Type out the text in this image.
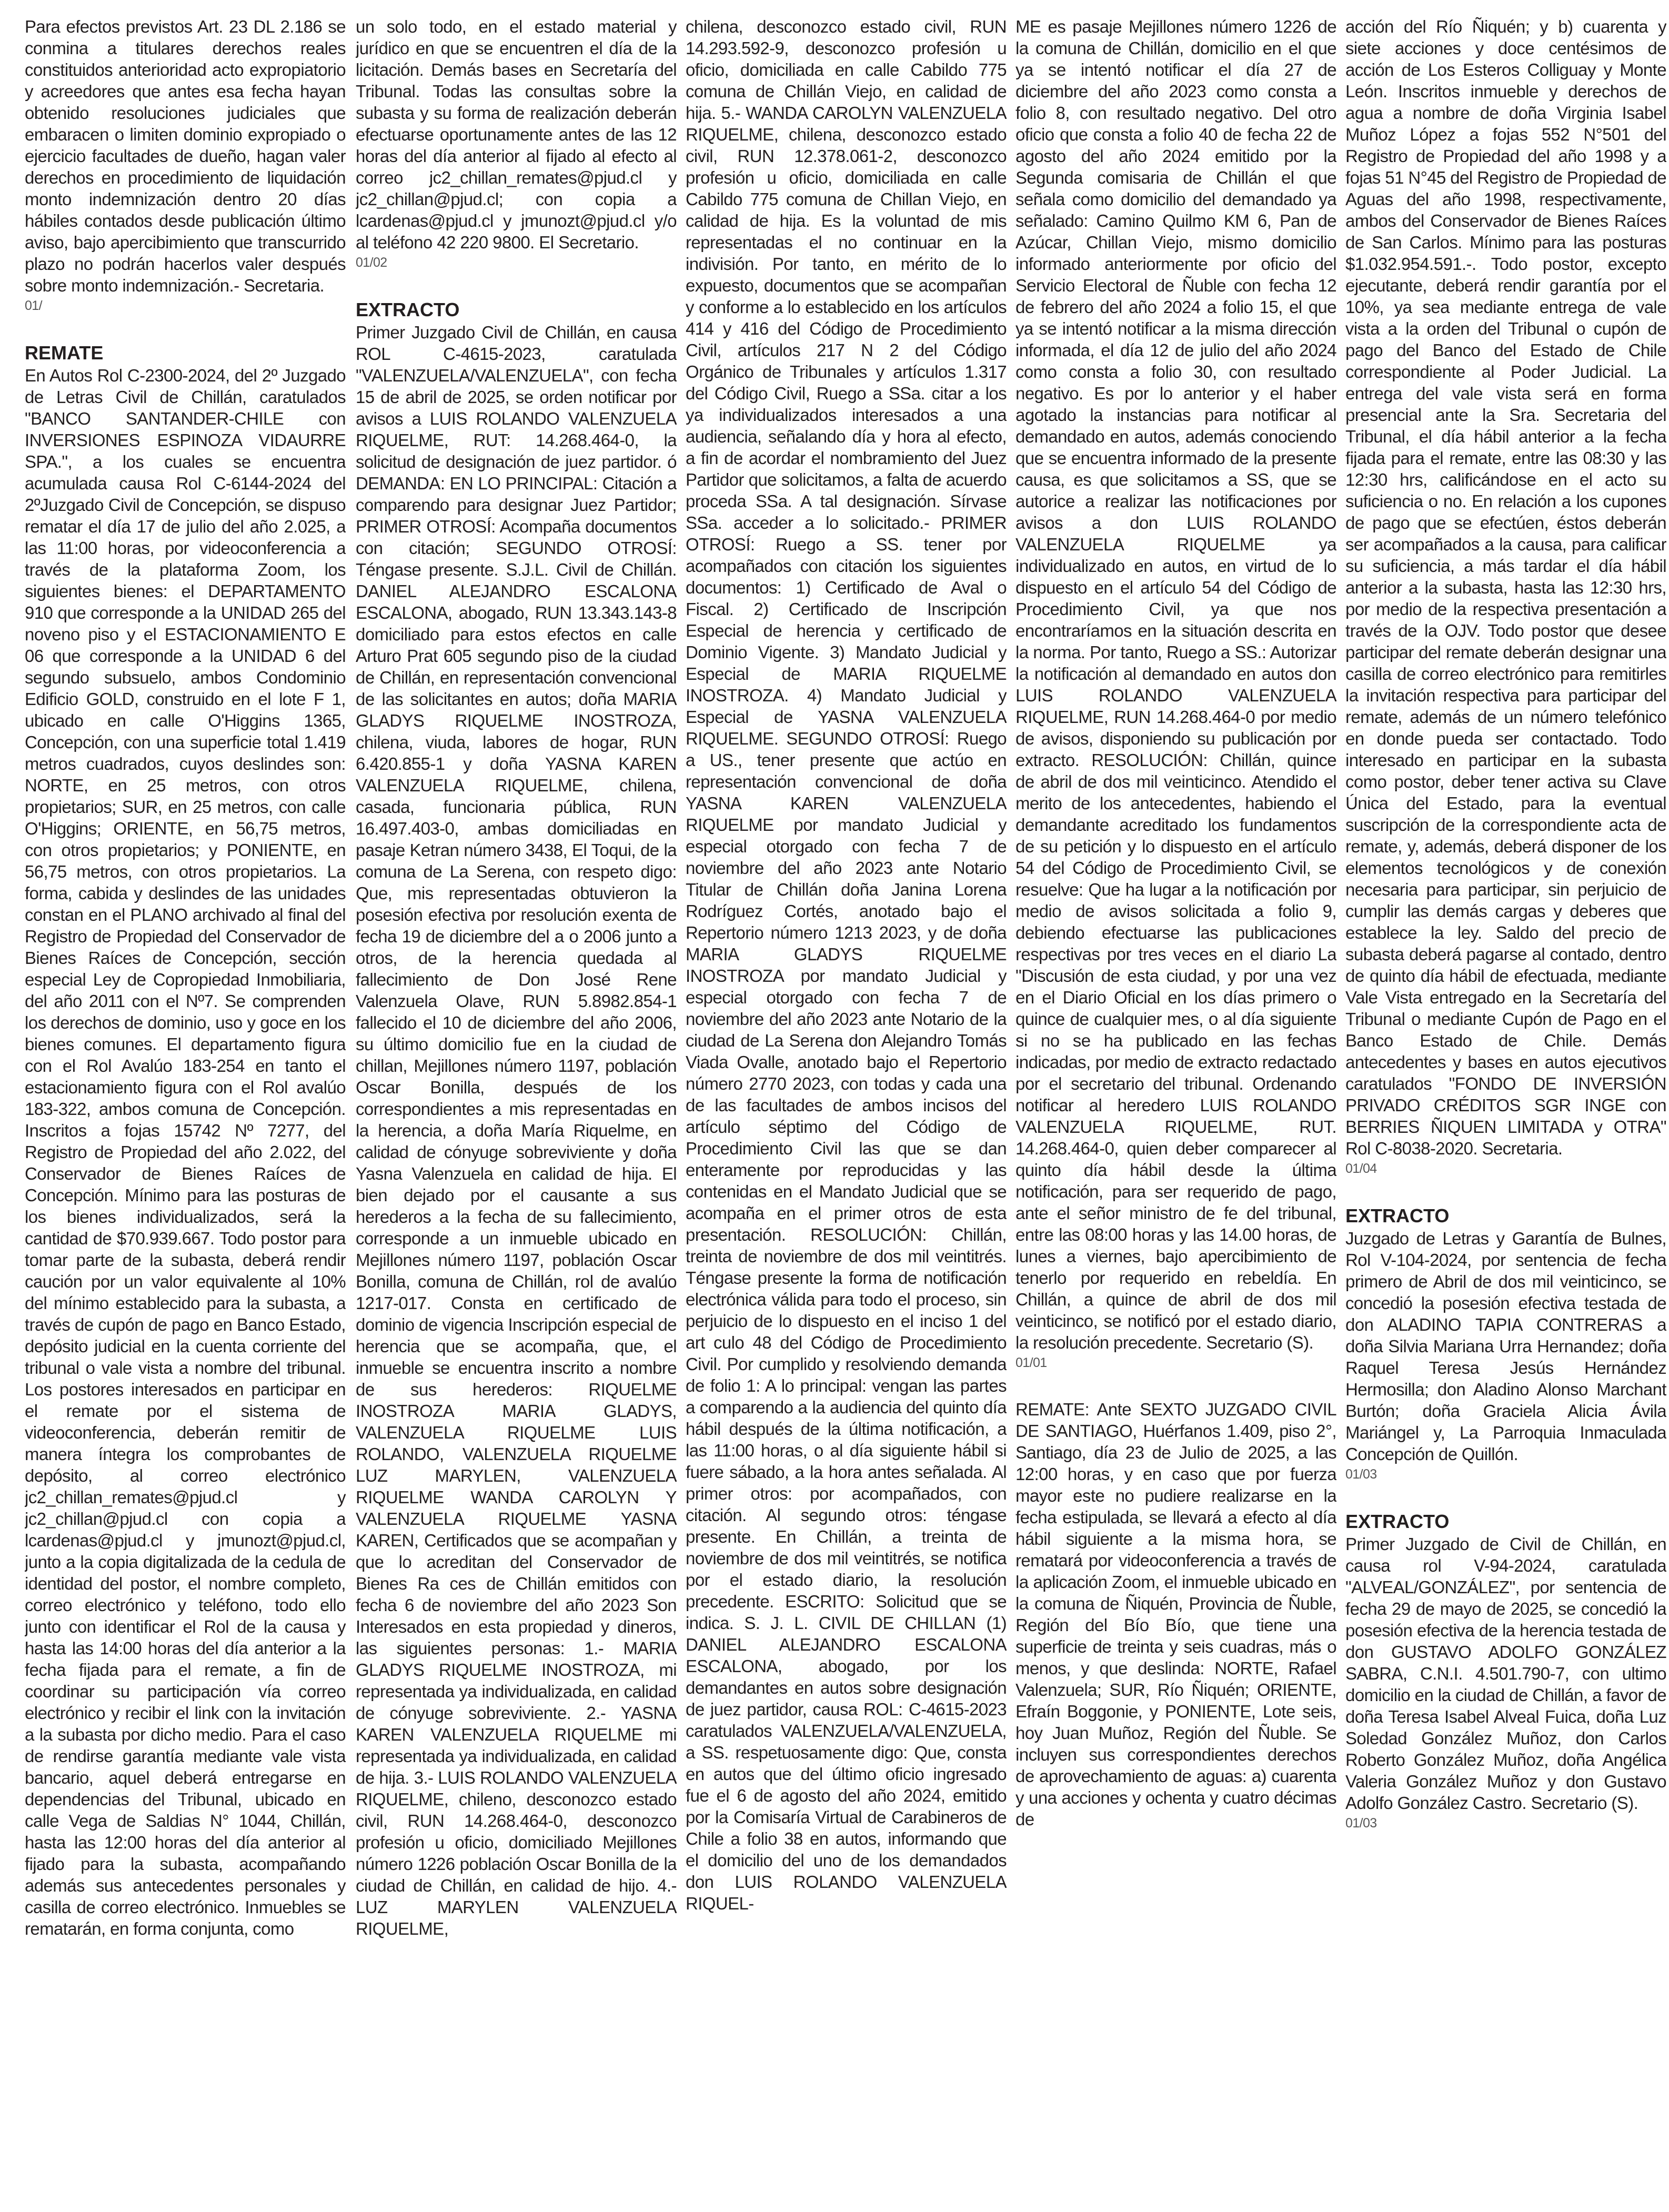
Para efectos previstos Art. 23 DL 2.186 se conmina a titulares derechos reales constituidos anterioridad acto expropiatorio y acreedores que antes esa fecha hayan obtenido resoluciones judiciales que embaracen o limiten dominio expropiado o ejercicio facultades de dueño, hagan valer derechos en procedimiento de liquidación monto indemnización dentro 20 días hábiles contados desde publicación último aviso, bajo apercibimiento que transcurrido plazo no podrán hacerlos valer después sobre monto indemnización.- Secretaria.

01/
REMATE

En Autos Rol C-2300-2024, del 2º Juzgado de Letras Civil de Chillán, caratulados "BANCO SANTANDER-CHILE con INVERSIONES ESPINOZA VIDAURRE SPA.", a los cuales se encuentra acumulada causa Rol C-6144-2024 del 2ºJuzgado Civil de Concepción, se dispuso rematar el día 17 de julio del año 2.025, a las 11:00 horas, por videoconferencia a través de la plataforma Zoom, los siguientes bienes: el DEPARTAMENTO 910 que corresponde a la UNIDAD 265 del noveno piso y el ESTACIONAMIENTO E 06 que corresponde a la UNIDAD 6 del segundo subsuelo, ambos Condominio Edificio GOLD, construido en el lote F 1, ubicado en calle O'Higgins 1365, Concepción, con una superficie total 1.419 metros cuadrados, cuyos deslindes son: NORTE, en 25 metros, con otros propietarios; SUR, en 25 metros, con calle O'Higgins; ORIENTE, en 56,75 metros, con otros propietarios; y PONIENTE, en 56,75 metros, con otros propietarios. La forma, cabida y deslindes de las unidades constan en el PLANO archivado al final del Registro de Propiedad del Conservador de Bienes Raíces de Concepción, sección especial Ley de Copropiedad Inmobiliaria, del año 2011 con el Nº7. Se comprenden los derechos de dominio, uso y goce en los bienes comunes. El departamento figura con el Rol Avalúo 183-254 en tanto el estacionamiento figura con el Rol avalúo 183-322, ambos comuna de Concepción. Inscritos a fojas 15742 Nº 7277, del Registro de Propiedad del año 2.022, del Conservador de Bienes Raíces de Concepción. Mínimo para las posturas de los bienes individualizados, será la cantidad de $70.939.667. Todo postor para tomar parte de la subasta, deberá rendir caución por un valor equivalente al 10% del mínimo establecido para la subasta, a través de cupón de pago en Banco Estado, depósito judicial en la cuenta corriente del tribunal o vale vista a nombre del tribunal. Los postores interesados en participar en el remate por el sistema de videoconferencia, deberán remitir de manera íntegra los comprobantes de depósito, al correo electrónico jc2_chillan_remates@pjud.cl y jc2_chillan@pjud.cl con copia a lcardenas@pjud.cl y jmunozt@pjud.cl, junto a la copia digitalizada de la cedula de identidad del postor, el nombre completo, correo electrónico y teléfono, todo ello junto con identificar el Rol de la causa y hasta las 14:00 horas del día anterior a la fecha fijada para el remate, a fin de coordinar su participación vía correo electrónico y recibir el link con la invitación a la subasta por dicho medio. Para el caso de rendirse garantía mediante vale vista bancario, aquel deberá entregarse en dependencias del Tribunal, ubicado en calle Vega de Saldias N° 1044, Chillán, hasta las 12:00 horas del día anterior al fijado para la subasta, acompañando además sus antecedentes personales y casilla de correo electrónico. Inmuebles se rematarán, en forma conjunta, como

un solo todo, en el estado material y jurídico en que se encuentren el día de la licitación. Demás bases en Secretaría del Tribunal. Todas las consultas sobre la subasta y su forma de realización deberán efectuarse oportunamente antes de las 12 horas del día anterior al fijado al efecto al correo jc2_chillan_remates@pjud.cl y jc2_chillan@pjud.cl; con copia a lcardenas@pjud.cl y jmunozt@pjud.cl y/o al teléfono 42 220 9800. El Secretario.

01/02
EXTRACTO

Primer Juzgado Civil de Chillán, en causa ROL C-4615-2023, caratulada "VALENZUELA/VALENZUELA", con fecha 15 de abril de 2025, se orden notificar por avisos a LUIS ROLANDO VALENZUELA RIQUELME, RUT: 14.268.464-0, la solicitud de designación de juez partidor. ó DEMANDA: EN LO PRINCIPAL: Citación a comparendo para designar Juez Partidor; PRIMER OTROSÍ: Acompaña documentos con citación; SEGUNDO OTROSÍ: Téngase presente. S.J.L. Civil de Chillán. DANIEL ALEJANDRO ESCALONA ESCALONA, abogado, RUN 13.343.143-8 domiciliado para estos efectos en calle Arturo Prat 605 segundo piso de la ciudad de Chillán, en representación convencional de las solicitantes en autos; doña MARIA GLADYS RIQUELME INOSTROZA, chilena, viuda, labores de hogar, RUN 6.420.855-1 y doña YASNA KAREN VALENZUELA RIQUELME, chilena, casada, funcionaria pública, RUN 16.497.403-0, ambas domiciliadas en pasaje Ketran número 3438, El Toqui, de la comuna de La Serena, con respeto digo: Que, mis representadas obtuvieron la posesión efectiva por resolución exenta de fecha 19 de diciembre del a o 2006 junto a otros, de la herencia quedada al fallecimiento de Don José Rene Valenzuela Olave, RUN 5.8982.854-1 fallecido el 10 de diciembre del año 2006, su último domicilio fue en la ciudad de chillan, Mejillones número 1197, población Oscar Bonilla, después de los correspondientes a mis representadas en la herencia, a doña María Riquelme, en calidad de cónyuge sobreviviente y doña Yasna Valenzuela en calidad de hija. El bien dejado por el causante a sus herederos a la fecha de su fallecimiento, corresponde a un inmueble ubicado en Mejillones número 1197, población Oscar Bonilla, comuna de Chillán, rol de avalúo 1217-017. Consta en certificado de dominio de vigencia Inscripción especial de herencia que se acompaña, que, el inmueble se encuentra inscrito a nombre de sus herederos: RIQUELME INOSTROZA MARIA GLADYS, VALENZUELA RIQUELME LUIS ROLANDO, VALENZUELA RIQUELME LUZ MARYLEN, VALENZUELA RIQUELME WANDA CAROLYN Y VALENZUELA RIQUELME YASNA KAREN, Certificados que se acompañan y que lo acreditan del Conservador de Bienes Ra ces de Chillán emitidos con fecha 6 de noviembre del año 2023 Son Interesados en esta propiedad y dineros, las siguientes personas: 1.- MARIA GLADYS RIQUELME INOSTROZA, mi representada ya individualizada, en calidad de cónyuge sobreviviente. 2.- YASNA KAREN VALENZUELA RIQUELME mi representada ya individualizada, en calidad de hija. 3.- LUIS ROLANDO VALENZUELA RIQUELME, chileno, desconozco estado civil, RUN 14.268.464-0, desconozco profesión u oficio, domiciliado Mejillones número 1226 población Oscar Bonilla de la ciudad de Chillán, en calidad de hijo. 4.- LUZ MARYLEN VALENZUELA RIQUELME,

chilena, desconozco estado civil, RUN 14.293.592-9, desconozco profesión u oficio, domiciliada en calle Cabildo 775 comuna de Chillán Viejo, en calidad de hija. 5.- WANDA CAROLYN VALENZUELA RIQUELME, chilena, desconozco estado civil, RUN 12.378.061-2, desconozco profesión u oficio, domiciliada en calle Cabildo 775 comuna de Chillan Viejo, en calidad de hija. Es la voluntad de mis representadas el no continuar en la indivisión. Por tanto, en mérito de lo expuesto, documentos que se acompañan y conforme a lo establecido en los artículos 414 y 416 del Código de Procedimiento Civil, artículos 217 N 2 del Código Orgánico de Tribunales y artículos 1.317 del Código Civil, Ruego a SSa. citar a los ya individualizados interesados a una audiencia, señalando día y hora al efecto, a fin de acordar el nombramiento del Juez Partidor que solicitamos, a falta de acuerdo proceda SSa. A tal designación. Sírvase SSa. acceder a lo solicitado.- PRIMER OTROSÍ: Ruego a SS. tener por acompañados con citación los siguientes documentos: 1) Certificado de Aval o Fiscal. 2) Certificado de Inscripción Especial de herencia y certificado de Dominio Vigente. 3) Mandato Judicial y Especial de MARIA RIQUELME INOSTROZA. 4) Mandato Judicial y Especial de YASNA VALENZUELA RIQUELME. SEGUNDO OTROSÍ: Ruego a US., tener presente que actúo en representación convencional de doña YASNA KAREN VALENZUELA RIQUELME por mandato Judicial y especial otorgado con fecha 7 de noviembre del año 2023 ante Notario Titular de Chillán doña Janina Lorena Rodríguez Cortés, anotado bajo el Repertorio número 1213 2023, y de doña MARIA GLADYS RIQUELME INOSTROZA por mandato Judicial y especial otorgado con fecha 7 de noviembre del año 2023 ante Notario de la ciudad de La Serena don Alejandro Tomás Viada Ovalle, anotado bajo el Repertorio número 2770 2023, con todas y cada una de las facultades de ambos incisos del artículo séptimo del Código de Procedimiento Civil las que se dan enteramente por reproducidas y las contenidas en el Mandato Judicial que se acompaña en el primer otros de esta presentación. RESOLUCIÓN: Chillán, treinta de noviembre de dos mil veintitrés. Téngase presente la forma de notificación electrónica válida para todo el proceso, sin perjuicio de lo dispuesto en el inciso 1 del art culo 48 del Código de Procedimiento Civil. Por cumplido y resolviendo demanda de folio 1: A lo principal: vengan las partes a comparendo a la audiencia del quinto día hábil después de la última notificación, a las 11:00 horas, o al día siguiente hábil si fuere sábado, a la hora antes señalada. Al primer otros: por acompañados, con citación. Al segundo otros: téngase presente. En Chillán, a treinta de noviembre de dos mil veintitrés, se notifica por el estado diario, la resolución precedente. ESCRITO: Solicitud que se indica. S. J. L. CIVIL DE CHILLAN (1) DANIEL ALEJANDRO ESCALONA ESCALONA, abogado, por los demandantes en autos sobre designación de juez partidor, causa ROL: C-4615-2023 caratulados VALENZUELA/VALENZUELA, a SS. respetuosamente digo: Que, consta en autos que del último oficio ingresado fue el 6 de agosto del año 2024, emitido por la Comisaría Virtual de Carabineros de Chile a folio 38 en autos, informando que el domicilio del uno de los demandados don LUIS ROLANDO VALENZUELA RIQUEL-

ME es pasaje Mejillones número 1226 de la comuna de Chillán, domicilio en el que ya se intentó notificar el día 27 de diciembre del año 2023 como consta a folio 8, con resultado negativo. Del otro oficio que consta a folio 40 de fecha 22 de agosto del año 2024 emitido por la Segunda comisaria de Chillán el que señala como domicilio del demandado ya señalado: Camino Quilmo KM 6, Pan de Azúcar, Chillan Viejo, mismo domicilio informado anteriormente por oficio del Servicio Electoral de Ñuble con fecha 12 de febrero del año 2024 a folio 15, el que ya se intentó notificar a la misma dirección informada, el día 12 de julio del año 2024 como consta a folio 30, con resultado negativo. Es por lo anterior y el haber agotado la instancias para notificar al demandado en autos, además conociendo que se encuentra informado de la presente causa, es que solicitamos a SS, que se autorice a realizar las notificaciones por avisos a don LUIS ROLANDO VALENZUELA RIQUELME ya individualizado en autos, en virtud de lo dispuesto en el artículo 54 del Código de Procedimiento Civil, ya que nos encontraríamos en la situación descrita en la norma. Por tanto, Ruego a SS.: Autorizar la notificación al demandado en autos don LUIS ROLANDO VALENZUELA RIQUELME, RUN 14.268.464-0 por medio de avisos, disponiendo su publicación por extracto. RESOLUCIÓN: Chillán, quince de abril de dos mil veinticinco. Atendido el merito de los antecedentes, habiendo el demandante acreditado los fundamentos de su petición y lo dispuesto en el artículo 54 del Código de Procedimiento Civil, se resuelve: Que ha lugar a la notificación por medio de avisos solicitada a folio 9, debiendo efectuarse las publicaciones respectivas por tres veces en el diario La "Discusión de esta ciudad, y por una vez en el Diario Oficial en los días primero o quince de cualquier mes, o al día siguiente si no se ha publicado en las fechas indicadas, por medio de extracto redactado por el secretario del tribunal. Ordenando notificar al heredero LUIS ROLANDO VALENZUELA RIQUELME, RUT. 14.268.464-0, quien deber comparecer al quinto día hábil desde la última notificación, para ser requerido de pago, ante el señor ministro de fe del tribunal, entre las 08:00 horas y las 14.00 horas, de lunes a viernes, bajo apercibimiento de tenerlo por requerido en rebeldía. En Chillán, a quince de abril de dos mil veinticinco, se notificó por el estado diario, la resolución precedente. Secretario (S).

01/01

REMATE: Ante SEXTO JUZGADO CIVIL DE SANTIAGO, Huérfanos 1.409, piso 2°, Santiago, día 23 de Julio de 2025, a las 12:00 horas, y en caso que por fuerza mayor este no pudiere realizarse en la fecha estipulada, se llevará a efecto al día hábil siguiente a la misma hora, se rematará por videoconferencia a través de la aplicación Zoom, el inmueble ubicado en la comuna de Ñiquén, Provincia de Ñuble, Región del Bío Bío, que tiene una superficie de treinta y seis cuadras, más o menos, y que deslinda: NORTE, Rafael Valenzuela; SUR, Río Ñiquén; ORIENTE, Efraín Boggonie, y PONIENTE, Lote seis, hoy Juan Muñoz, Región del Ñuble. Se incluyen sus correspondientes derechos de aprovechamiento de aguas: a) cuarenta y una acciones y ochenta y cuatro décimas de

acción del Río Ñiquén; y b) cuarenta y siete acciones y doce centésimos de acción de Los Esteros Colliguay y Monte León. Inscritos inmueble y derechos de agua a nombre de doña Virginia Isabel Muñoz López a fojas 552 N°501 del Registro de Propiedad del año 1998 y a fojas 51 N°45 del Registro de Propiedad de Aguas del año 1998, respectivamente, ambos del Conservador de Bienes Raíces de San Carlos. Mínimo para las posturas $1.032.954.591.-. Todo postor, excepto ejecutante, deberá rendir garantía por el 10%, ya sea mediante entrega de vale vista a la orden del Tribunal o cupón de pago del Banco del Estado de Chile correspondiente al Poder Judicial. La entrega del vale vista será en forma presencial ante la Sra. Secretaria del Tribunal, el día hábil anterior a la fecha fijada para el remate, entre las 08:30 y las 12:30 hrs, calificándose en el acto su suficiencia o no. En relación a los cupones de pago que se efectúen, éstos deberán ser acompañados a la causa, para calificar su suficiencia, a más tardar el día hábil anterior a la subasta, hasta las 12:30 hrs, por medio de la respectiva presentación a través de la OJV. Todo postor que desee participar del remate deberán designar una casilla de correo electrónico para remitirles la invitación respectiva para participar del remate, además de un número telefónico en donde pueda ser contactado. Todo interesado en participar en la subasta como postor, deber tener activa su Clave Única del Estado, para la eventual suscripción de la correspondiente acta de remate, y, además, deberá disponer de los elementos tecnológicos y de conexión necesaria para participar, sin perjuicio de cumplir las demás cargas y deberes que establece la ley. Saldo del precio de subasta deberá pagarse al contado, dentro de quinto día hábil de efectuada, mediante Vale Vista entregado en la Secretaría del Tribunal o mediante Cupón de Pago en el Banco Estado de Chile. Demás antecedentes y bases en autos ejecutivos caratulados "FONDO DE INVERSIÓN PRIVADO CRÉDITOS SGR INGE con BERRIES ÑIQUEN LIMITADA y OTRA" Rol C-8038-2020. Secretaria.

01/04
EXTRACTO

Juzgado de Letras y Garantía de Bulnes, Rol V-104-2024, por sentencia de fecha primero de Abril de dos mil veinticinco, se concedió la posesión efectiva testada de don ALADINO TAPIA CONTRERAS a doña Silvia Mariana Urra Hernandez; doña Raquel Teresa Jesús Hernández Hermosilla; don Aladino Alonso Marchant Burtón; doña Graciela Alicia Ávila Mariángel y, La Parroquia Inmaculada Concepción de Quillón.

01/03
EXTRACTO

Primer Juzgado de Civil de Chillán, en causa rol V-94-2024, caratulada "ALVEAL/GONZÁLEZ", por sentencia de fecha 29 de mayo de 2025, se concedió la posesión efectiva de la herencia testada de don GUSTAVO ADOLFO GONZÁLEZ SABRA, C.N.I. 4.501.790-7, con ultimo domicilio en la ciudad de Chillán, a favor de doña Teresa Isabel Alveal Fuica, doña Luz Soledad González Muñoz, don Carlos Roberto González Muñoz, doña Angélica Valeria González Muñoz y don Gustavo Adolfo González Castro. Secretario (S).

01/03
